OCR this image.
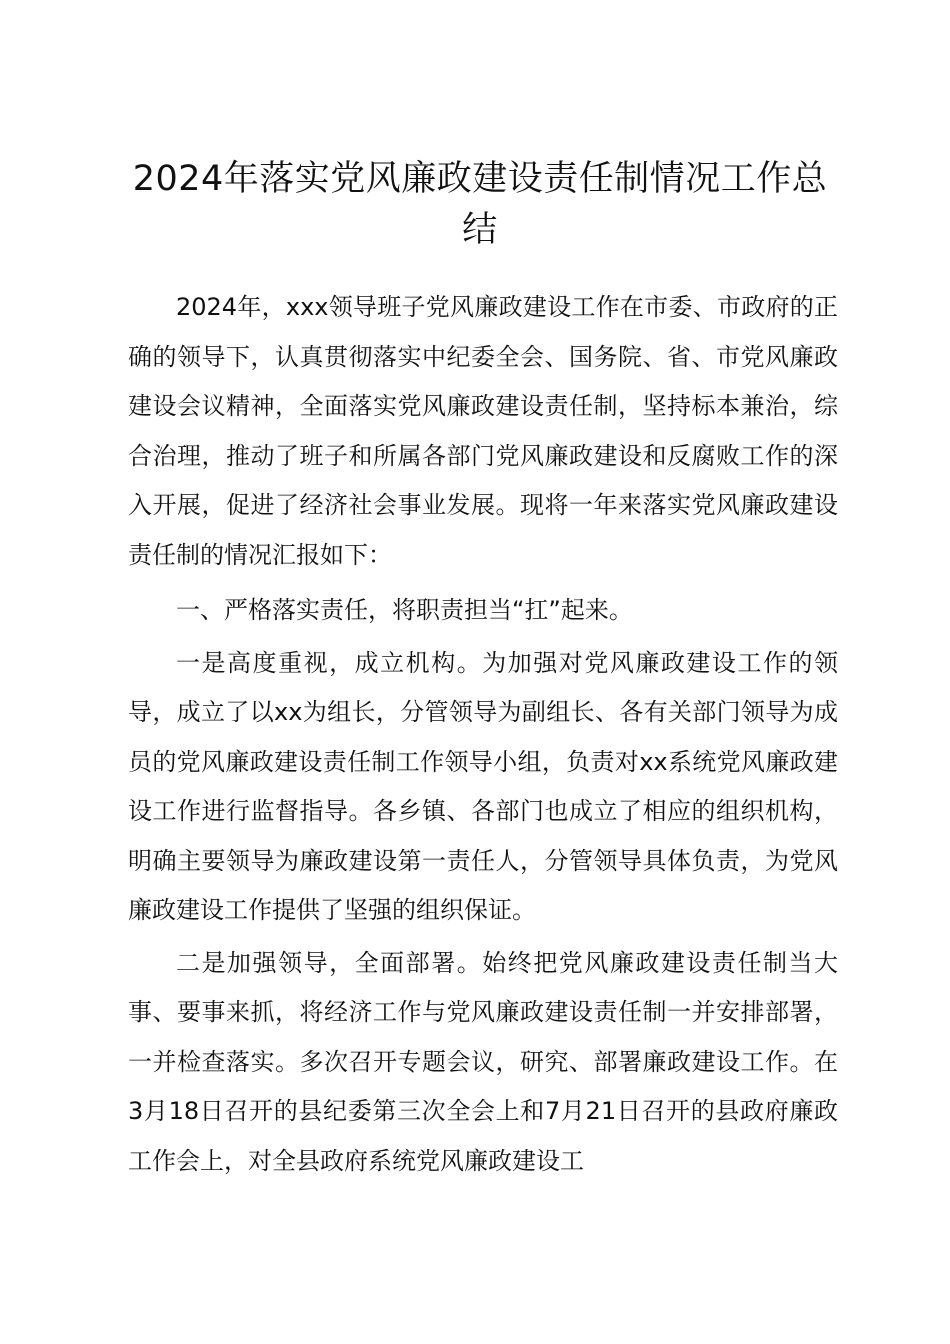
2024年落实党风廉政建设责任制情况工作总结

2024年，xxx领导班子党风廉政建设工作在市委、市政府的正确的领导下，认真贯彻落实中纪委全会、国务院、省、市党风廉政建设会议精神，全面落实党风廉政建设责任制，坚持标本兼治，综合治理，推动了班子和所属各部门党风廉政建设和反腐败工作的深入开展，促进了经济社会事业发展。现将一年来落实党风廉政建设责任制的情况汇报如下：

一、严格落实责任，将职责担当“扛”起来。

一是高度重视，成立机构。为加强对党风廉政建设工作的领导，成立了以xx为组长，分管领导为副组长、各有关部门领导为成员的党风廉政建设责任制工作领导小组，负责对xx系统党风廉政建设工作进行监督指导。各乡镇、各部门也成立了相应的组织机构，明确主要领导为廉政建设第一责任人，分管领导具体负责，为党风廉政建设工作提供了坚强的组织保证。

二是加强领导，全面部署。始终把党风廉政建设责任制当大事、要事来抓，将经济工作与党风廉政建设责任制一并安排部署，一并检查落实。多次召开专题会议，研究、部署廉政建设工作。在3月18日召开的县纪委第三次全会上和7月21日召开的县政府廉政工作会上，对全县政府系统党风廉政建设工
